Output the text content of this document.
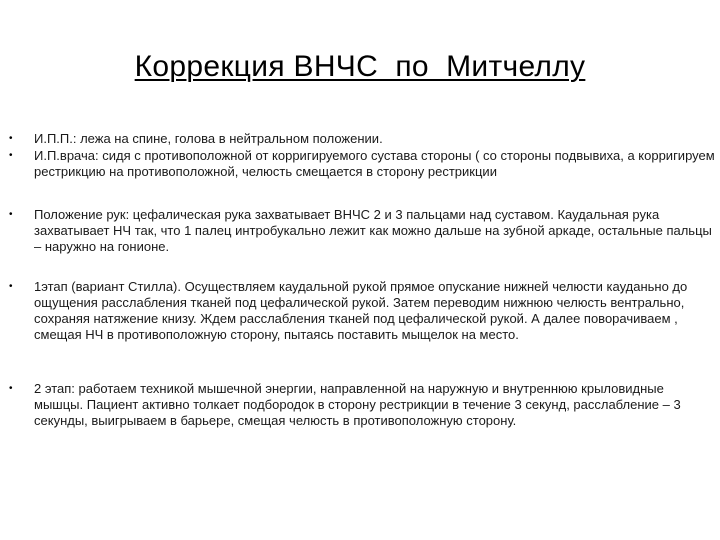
Коррекция ВНЧС  по  Митчеллу
• И.П.П.: лежа на спине, голова в нейтральном положении.
• И.П.врача: сидя с противоположной от корригируемого сустава стороны ( со стороны подвывиха, а корригируем рестрикцию на противоположной, челюсть смещается в сторону рестрикции
• Положение рук: цефалическая рука захватывает ВНЧС 2 и 3 пальцами над суставом. Каудальная рука захватывает НЧ так, что 1 палец интробукально лежит как можно дальше на зубной аркаде, остальные пальцы – наружно на гонионе.
• 1этап (вариант Стилла). Осуществляем каудальной рукой прямое опускание нижней челюсти кауданьно до ощущения расслабления тканей под цефалической рукой. Затем переводим нижнюю челюсть вентрально, сохраняя натяжение книзу. Ждем расслабления тканей под цефалической рукой. А далее поворачиваем , смещая НЧ в противоположную сторону, пытаясь поставить мыщелок на место.
• 2 этап: работаем техникой мышечной энергии, направленной на наружную и внутреннюю крыловидные мышцы. Пациент активно толкает подбородок в сторону рестрикции в течение 3 секунд, расслабление – 3 секунды, выигрываем в барьере, смещая челюсть в противоположную сторону.
